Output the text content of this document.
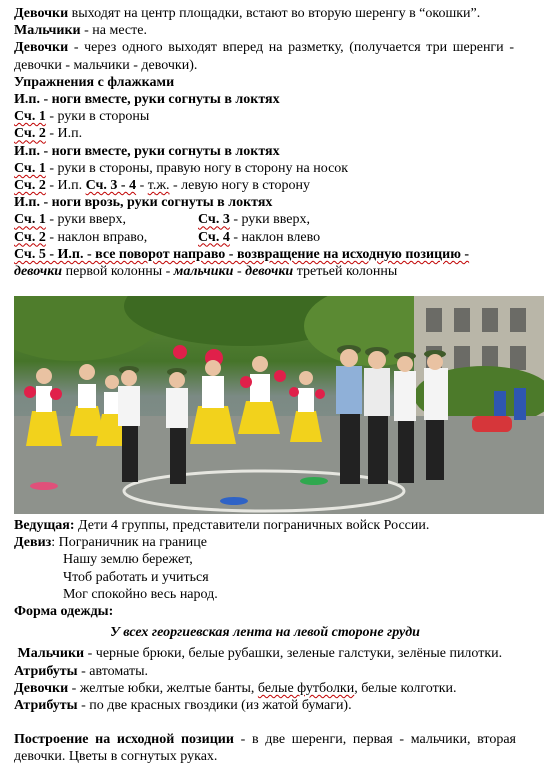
Девочки выходят на центр площадки, встают во вторую шеренгу в “окошки”.

Мальчики - на месте.

Девочки - через одного выходят вперед на разметку, (получается три шеренги - девочки - мальчики - девочки).

Упражнения с флажками

И.п. - ноги вместе, руки согнуты в локтях

Сч. 1 - руки в стороны

Сч. 2 - И.п.

И.п. - ноги вместе, руки согнуты в локтях

Сч. 1 - руки в стороны, правую ногу в сторону на носок

Сч. 2 - И.п. Сч. 3 - 4 - т.ж. - левую ногу в сторону

И.п. - ноги врозь, руки согнуты в локтях

Сч. 1 - руки вверх,	Сч. 3 - руки вверх,

Сч. 2 - наклон вправо,	Сч. 4 - наклон влево

Сч. 5 - И.п. - все поворот направо - возвращение на исходную позицию -

девочки первой колонны - мальчики - девочки третьей колонны

Ведущая: Дети 4 группы, представители пограничных войск России.

Девиз: Пограничник на границе

Нашу землю бережет,

Чтоб работать и учиться

Мог спокойно весь народ.

Форма одежды:

У всех георгиевская лента на левой стороне груди

Мальчики - черные брюки, белые рубашки, зеленые галстуки, зелёные пилотки.

Атрибуты - автоматы.

Девочки - желтые юбки, желтые банты, белые футболки, белые колготки.

Атрибуты - по две красных гвоздики (из жатой бумаги).

Построение на исходной позиции - в две шеренги, первая - мальчики, вторая девочки. Цветы в согнутых руках.
